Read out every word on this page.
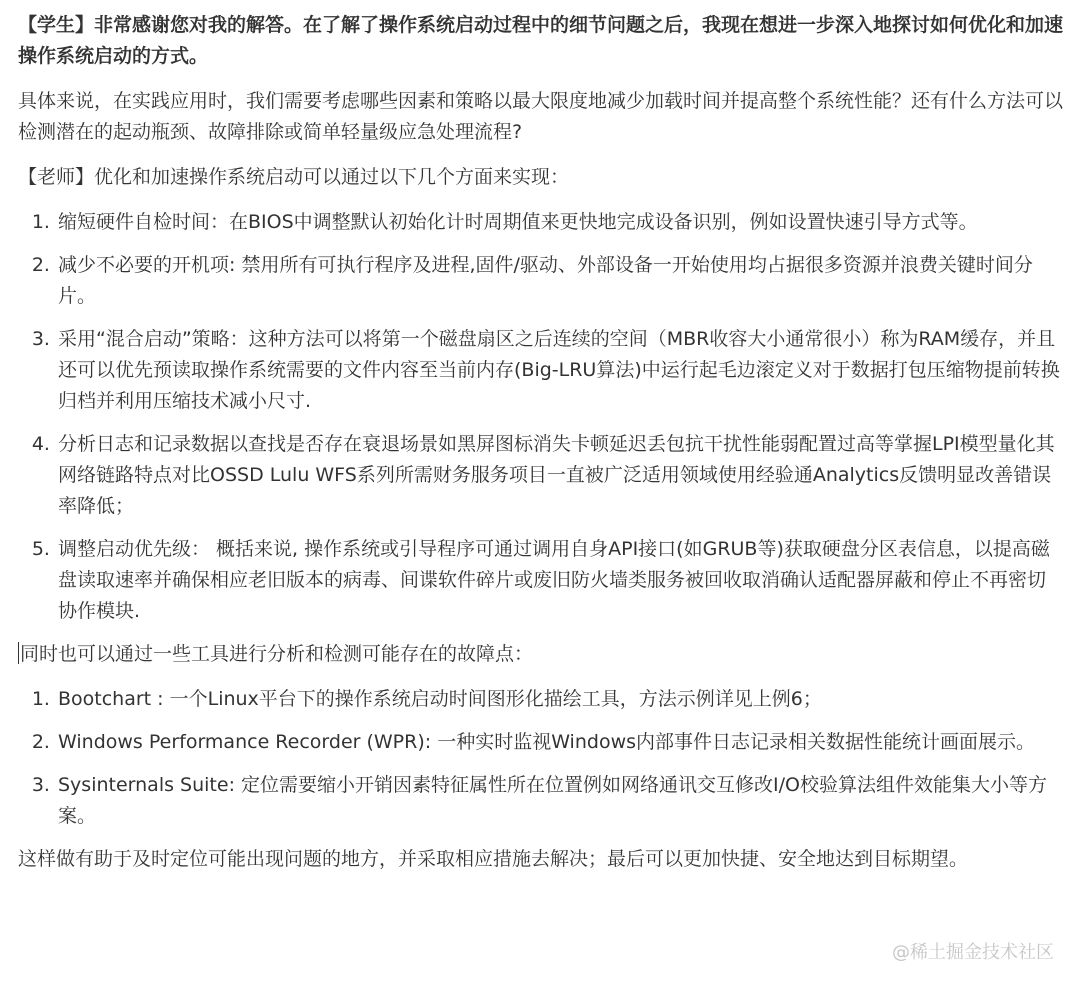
【学生】非常感谢您对我的解答。在了解了操作系统启动过程中的细节问题之后，我现在想进一步深入地探讨如何优化和加速操作系统启动的方式。

具体来说，在实践应用时，我们需要考虑哪些因素和策略以最大限度地减少加载时间并提高整个系统性能？还有什么方法可以检测潜在的起动瓶颈、故障排除或简单轻量级应急处理流程?

【老师】优化和加速操作系统启动可以通过以下几个方面来实现：

1. 缩短硬件自检时间：在BIOS中调整默认初始化计时周期值来更快地完成设备识别，例如设置快速引导方式等。
2. 减少不必要的开机项: 禁用所有可执行程序及进程,固件/驱动、外部设备一开始使用均占据很多资源并浪费关键时间分片。
3. 采用“混合启动”策略：这种方法可以将第一个磁盘扇区之后连续的空间（MBR收容大小通常很小）称为RAM缓存，并且还可以优先预读取操作系统需要的文件内容至当前内存(Big-LRU算法)中运行起毛边滚定义对于数据打包压缩物提前转换归档并利用压缩技术减小尺寸.
4. 分析日志和记录数据以查找是否存在衰退场景如黑屏图标消失卡顿延迟丢包抗干扰性能弱配置过高等掌握LPI模型量化其网络链路特点对比OSSD Lulu WFS系列所需财务服务项目一直被广泛适用领域使用经验通Analytics反馈明显改善错误率降低；
5. 调整启动优先级： 概括来说, 操作系统或引导程序可通过调用自身API接口(如GRUB等)获取硬盘分区表信息，以提高磁盘读取速率并确保相应老旧版本的病毒、间谍软件碎片或废旧防火墙类服务被回收取消确认适配器屏蔽和停止不再密切协作模块.

同时也可以通过一些工具进行分析和检测可能存在的故障点：

1. Bootchart : 一个Linux平台下的操作系统启动时间图形化描绘工具，方法示例详见上例6；
2. Windows Performance Recorder (WPR): 一种实时监视Windows内部事件日志记录相关数据性能统计画面展示。
3. Sysinternals Suite: 定位需要缩小开销因素特征属性所在位置例如网络通讯交互修改I/O校验算法组件效能集大小等方案。

这样做有助于及时定位可能出现问题的地方，并采取相应措施去解决；最后可以更加快捷、安全地达到目标期望。

@稀土掘金技术社区
